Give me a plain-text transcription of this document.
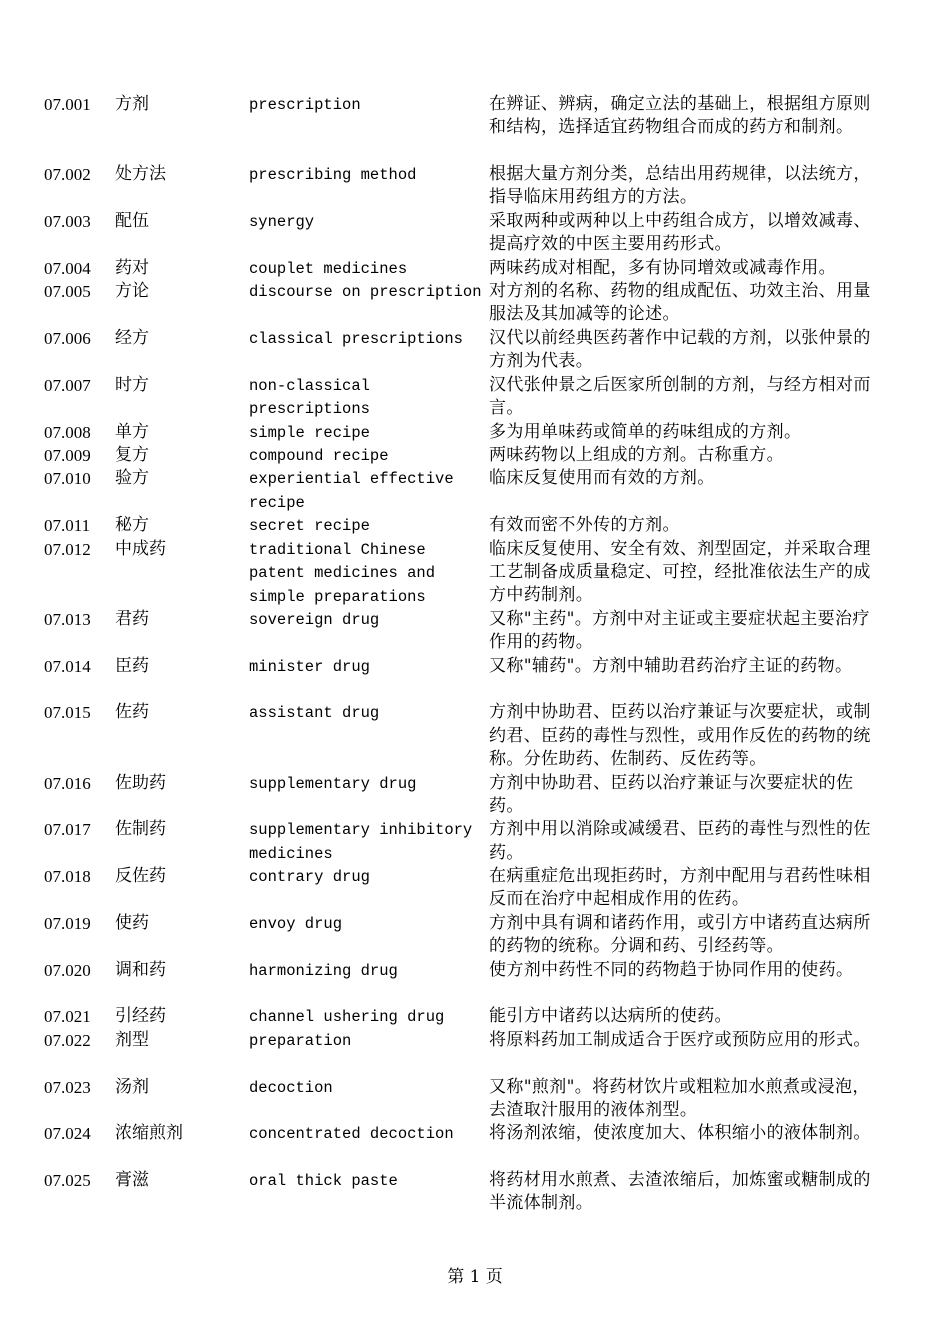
07.001	方剂	prescription	在辨证、辨病，确定立法的基础上，根据组方原则和结构，选择适宜药物组合而成的药方和制剂。
07.002	处方法	prescribing method	根据大量方剂分类，总结出用药规律，以法统方，指导临床用药组方的方法。
07.003	配伍	synergy	采取两种或两种以上中药组合成方，以增效减毒、提高疗效的中医主要用药形式。
07.004	药对	couplet medicines	两味药成对相配，多有协同增效或减毒作用。
07.005	方论	discourse on prescription 对方剂的名称、药物的组成配伍、功效主治、用量服法及其加减等的论述。
07.006	经方	classical prescriptions	汉代以前经典医药著作中记载的方剂，以张仲景的方剂为代表。
07.007	时方	non-classical prescriptions
汉代张仲景之后医家所创制的方剂，与经方相对而言。
07.008	单方	simple recipe	多为用单味药或简单的药味组成的方剂。
07.009	复方	compound recipe	两味药物以上组成的方剂。古称重方。
07.010	验方	experiential effective recipe
临床反复使用而有效的方剂。
07.011	秘方	secret recipe	有效而密不外传的方剂。
07.012	中成药	traditional Chinese patent medicines and simple preparations
临床反复使用、安全有效、剂型固定，并采取合理工艺制备成质量稳定、可控，经批准依法生产的成方中药制剂。
07.013	君药	sovereign drug	又称"主药"。方剂中对主证或主要症状起主要治疗作用的药物。
07.014	臣药	minister drug	又称"辅药"。方剂中辅助君药治疗主证的药物。
07.015	佐药	assistant drug	方剂中协助君、臣药以治疗兼证与次要症状，或制约君、臣药的毒性与烈性，或用作反佐的药物的统称。分佐助药、佐制药、反佐药等。
07.016	佐助药	supplementary drug	方剂中协助君、臣药以治疗兼证与次要症状的佐药。
07.017	佐制药	supplementary inhibitory medicines
方剂中用以消除或减缓君、臣药的毒性与烈性的佐药。
07.018	反佐药	contrary drug	在病重症危出现拒药时，方剂中配用与君药性味相反而在治疗中起相成作用的佐药。
07.019	使药	envoy drug	方剂中具有调和诸药作用，或引方中诸药直达病所的药物的统称。分调和药、引经药等。
07.020	调和药	harmonizing drug	使方剂中药性不同的药物趋于协同作用的使药。
07.021	引经药	channel ushering drug	能引方中诸药以达病所的使药。
07.022	剂型	preparation	将原料药加工制成适合于医疗或预防应用的形式。
07.023	汤剂	decoction	又称"煎剂"。将药材饮片或粗粒加水煎煮或浸泡，去渣取汁服用的液体剂型。
07.024	浓缩煎剂	concentrated decoction	将汤剂浓缩，使浓度加大、体积缩小的液体制剂。
07.025	膏滋	oral thick paste	将药材用水煎煮、去渣浓缩后，加炼蜜或糖制成的半流体制剂。
第 1 页
